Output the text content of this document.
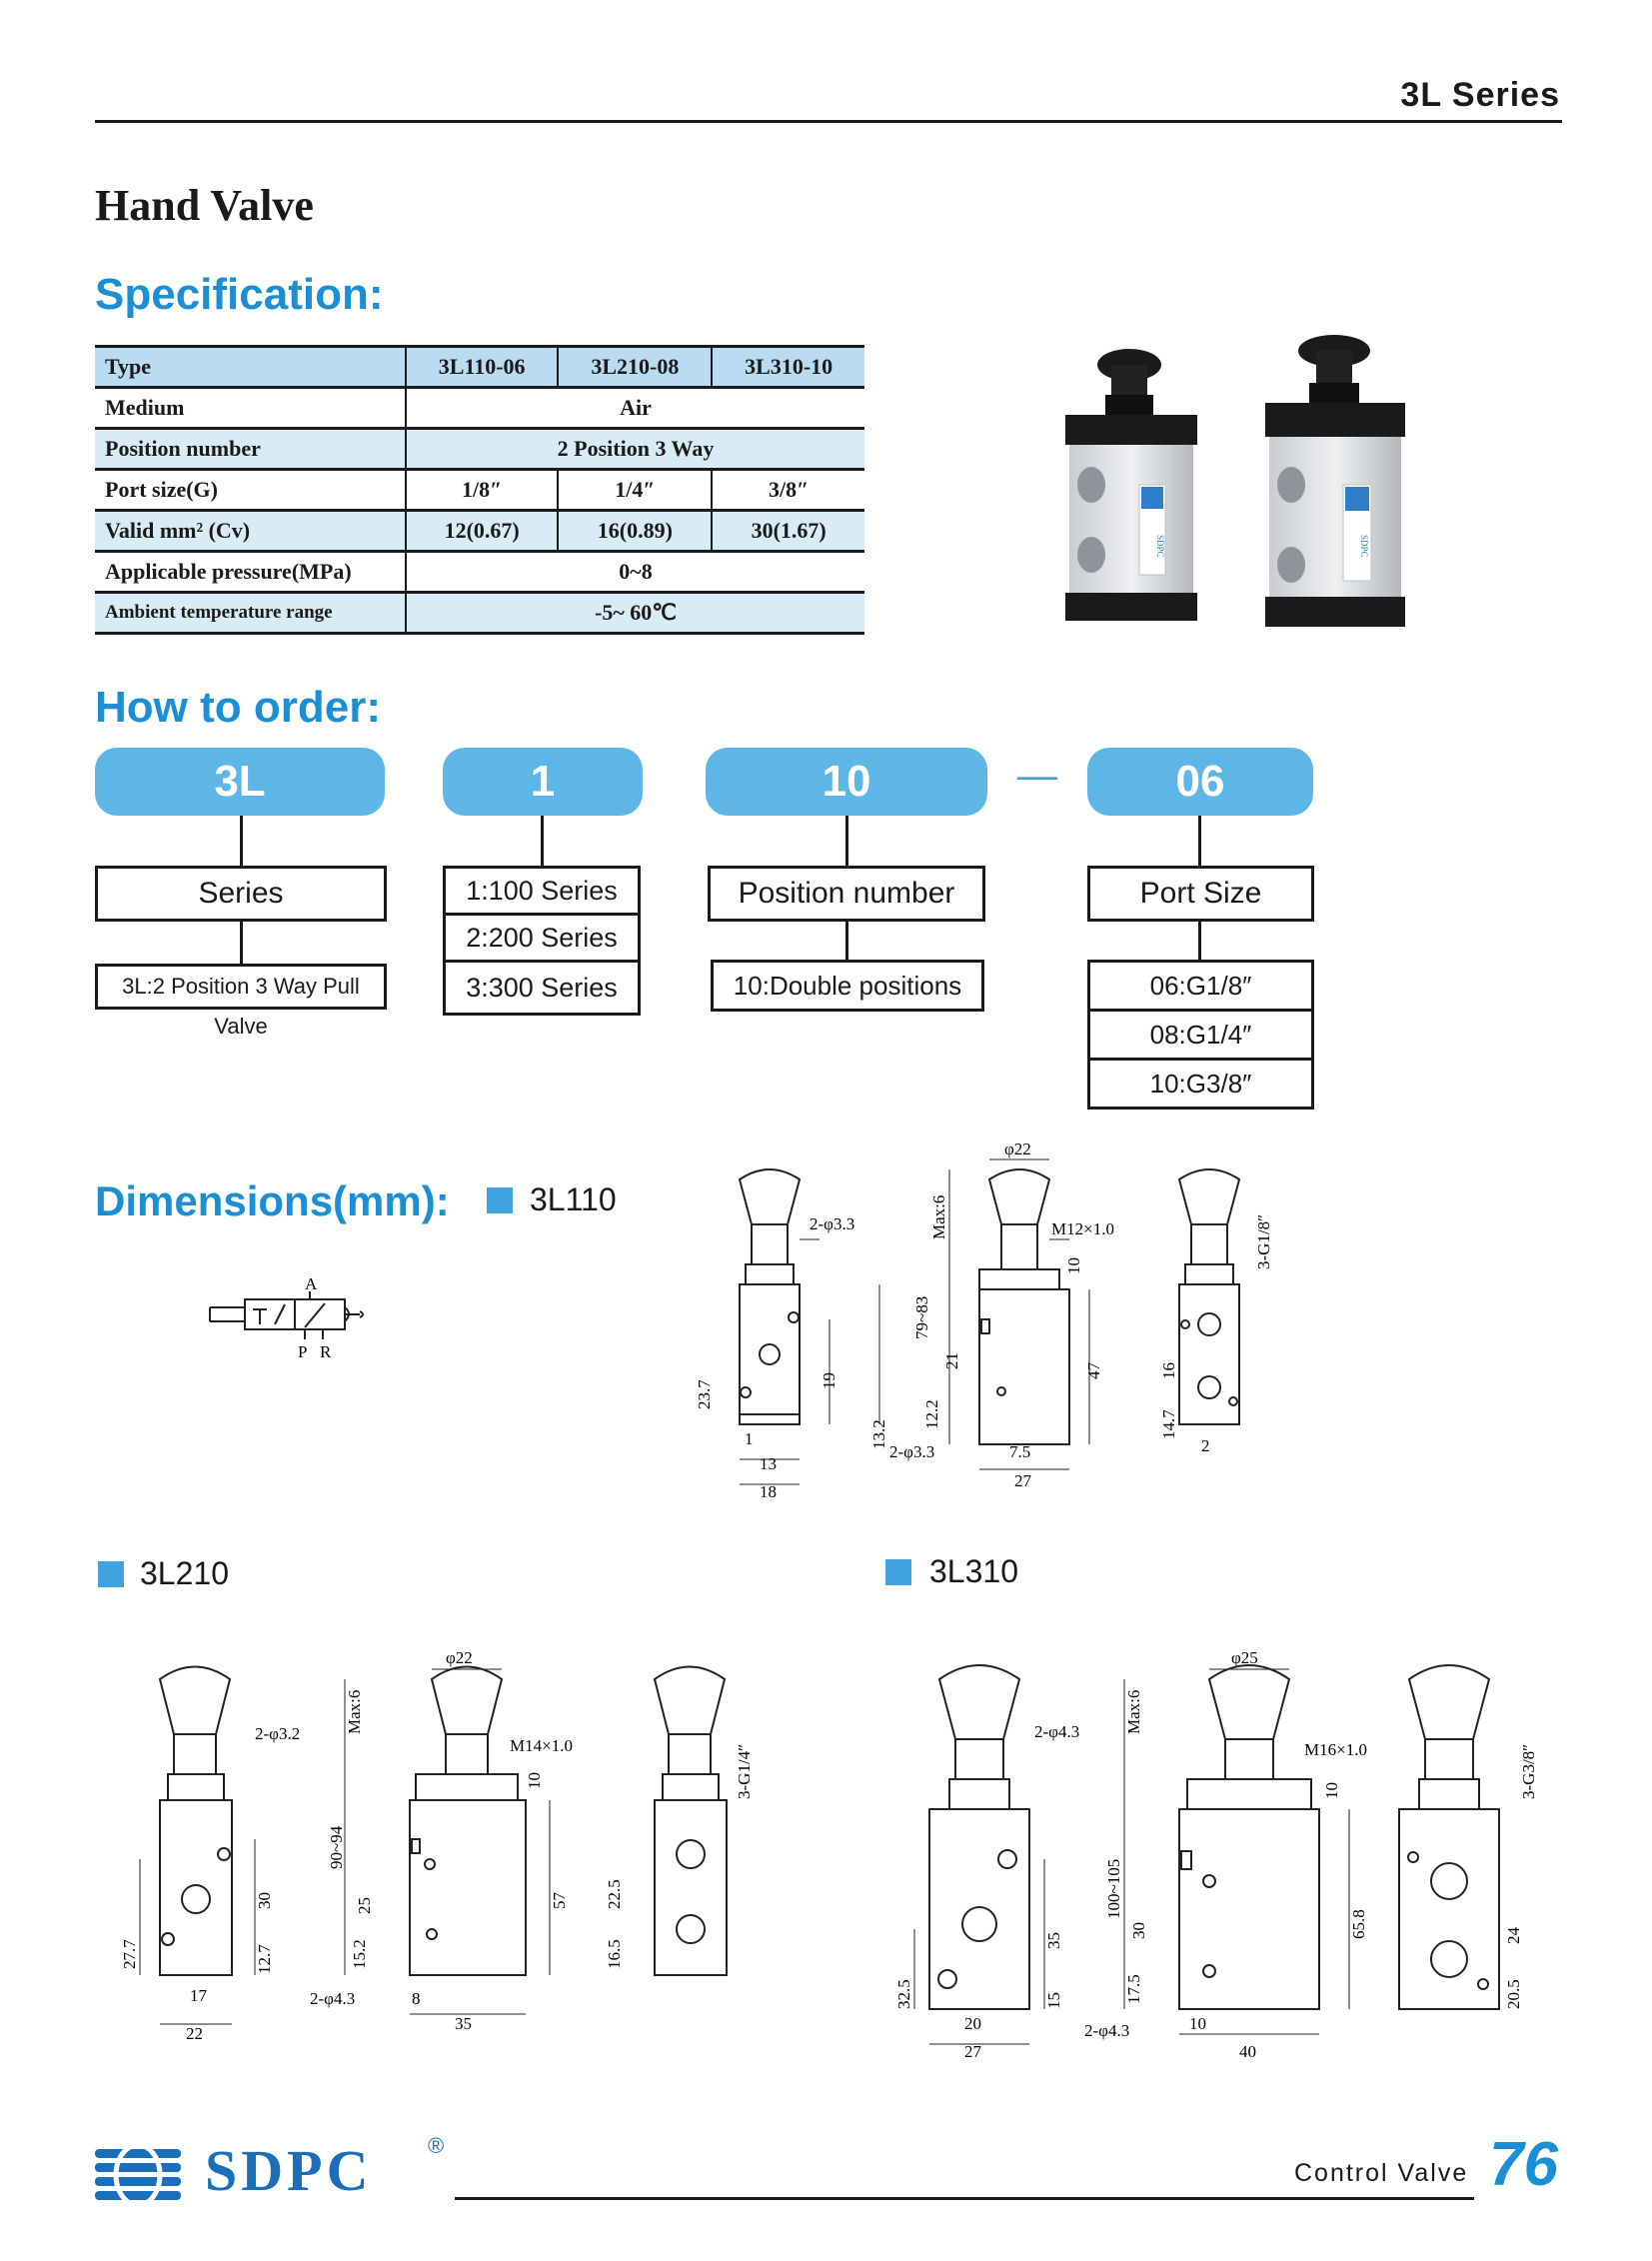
3L Series
Hand Valve
Specification:
Type	3L110-06	3L210-08	3L310-10
Medium	Air		
Position number	2 Position 3 Way		
Port size(G)	1/8″	1/4″	3/8″
Valid mm² (Cv)	12(0.67)	16(0.89)	30(1.67)
Applicable pressure(MPa)	0~8		
Ambient temperature range	-5~ 60℃		
SDPC	SDPC
How to order:
3L	1	10	—	06
Series
3L:2 Position 3 Way Pull Valve
1:100 Series
2:200 Series
3:300 Series
Position number
10:Double positions
Port Size
06:G1/8″
08:G1/4″
10:G3/8″
Dimensions(mm):	3L110
3L210	3L310
A
P R
2-φ3.3
23.7	19
13.2
1
13
18
φ22
M12×1.0
Max:6
79~83
12.2
21
10
47
2-φ3.3	7.5
27
3-G1/8″
14.7
16
2
2-φ3.2
27.7
30
12.7
17
22
φ22
M14×1.0
Max:6
90~94
15.2
25
10
57
2-φ4.3	8
35
3-G1/4″
16.5
22.5
2-φ4.3
32.5
35
15
20
27
φ25
M16×1.0
Max:6
100~105
17.5
30
10
65.8
2-φ4.3	10
40
3-G3/8″
24
20.5
SDPC	®
Control Valve 76
